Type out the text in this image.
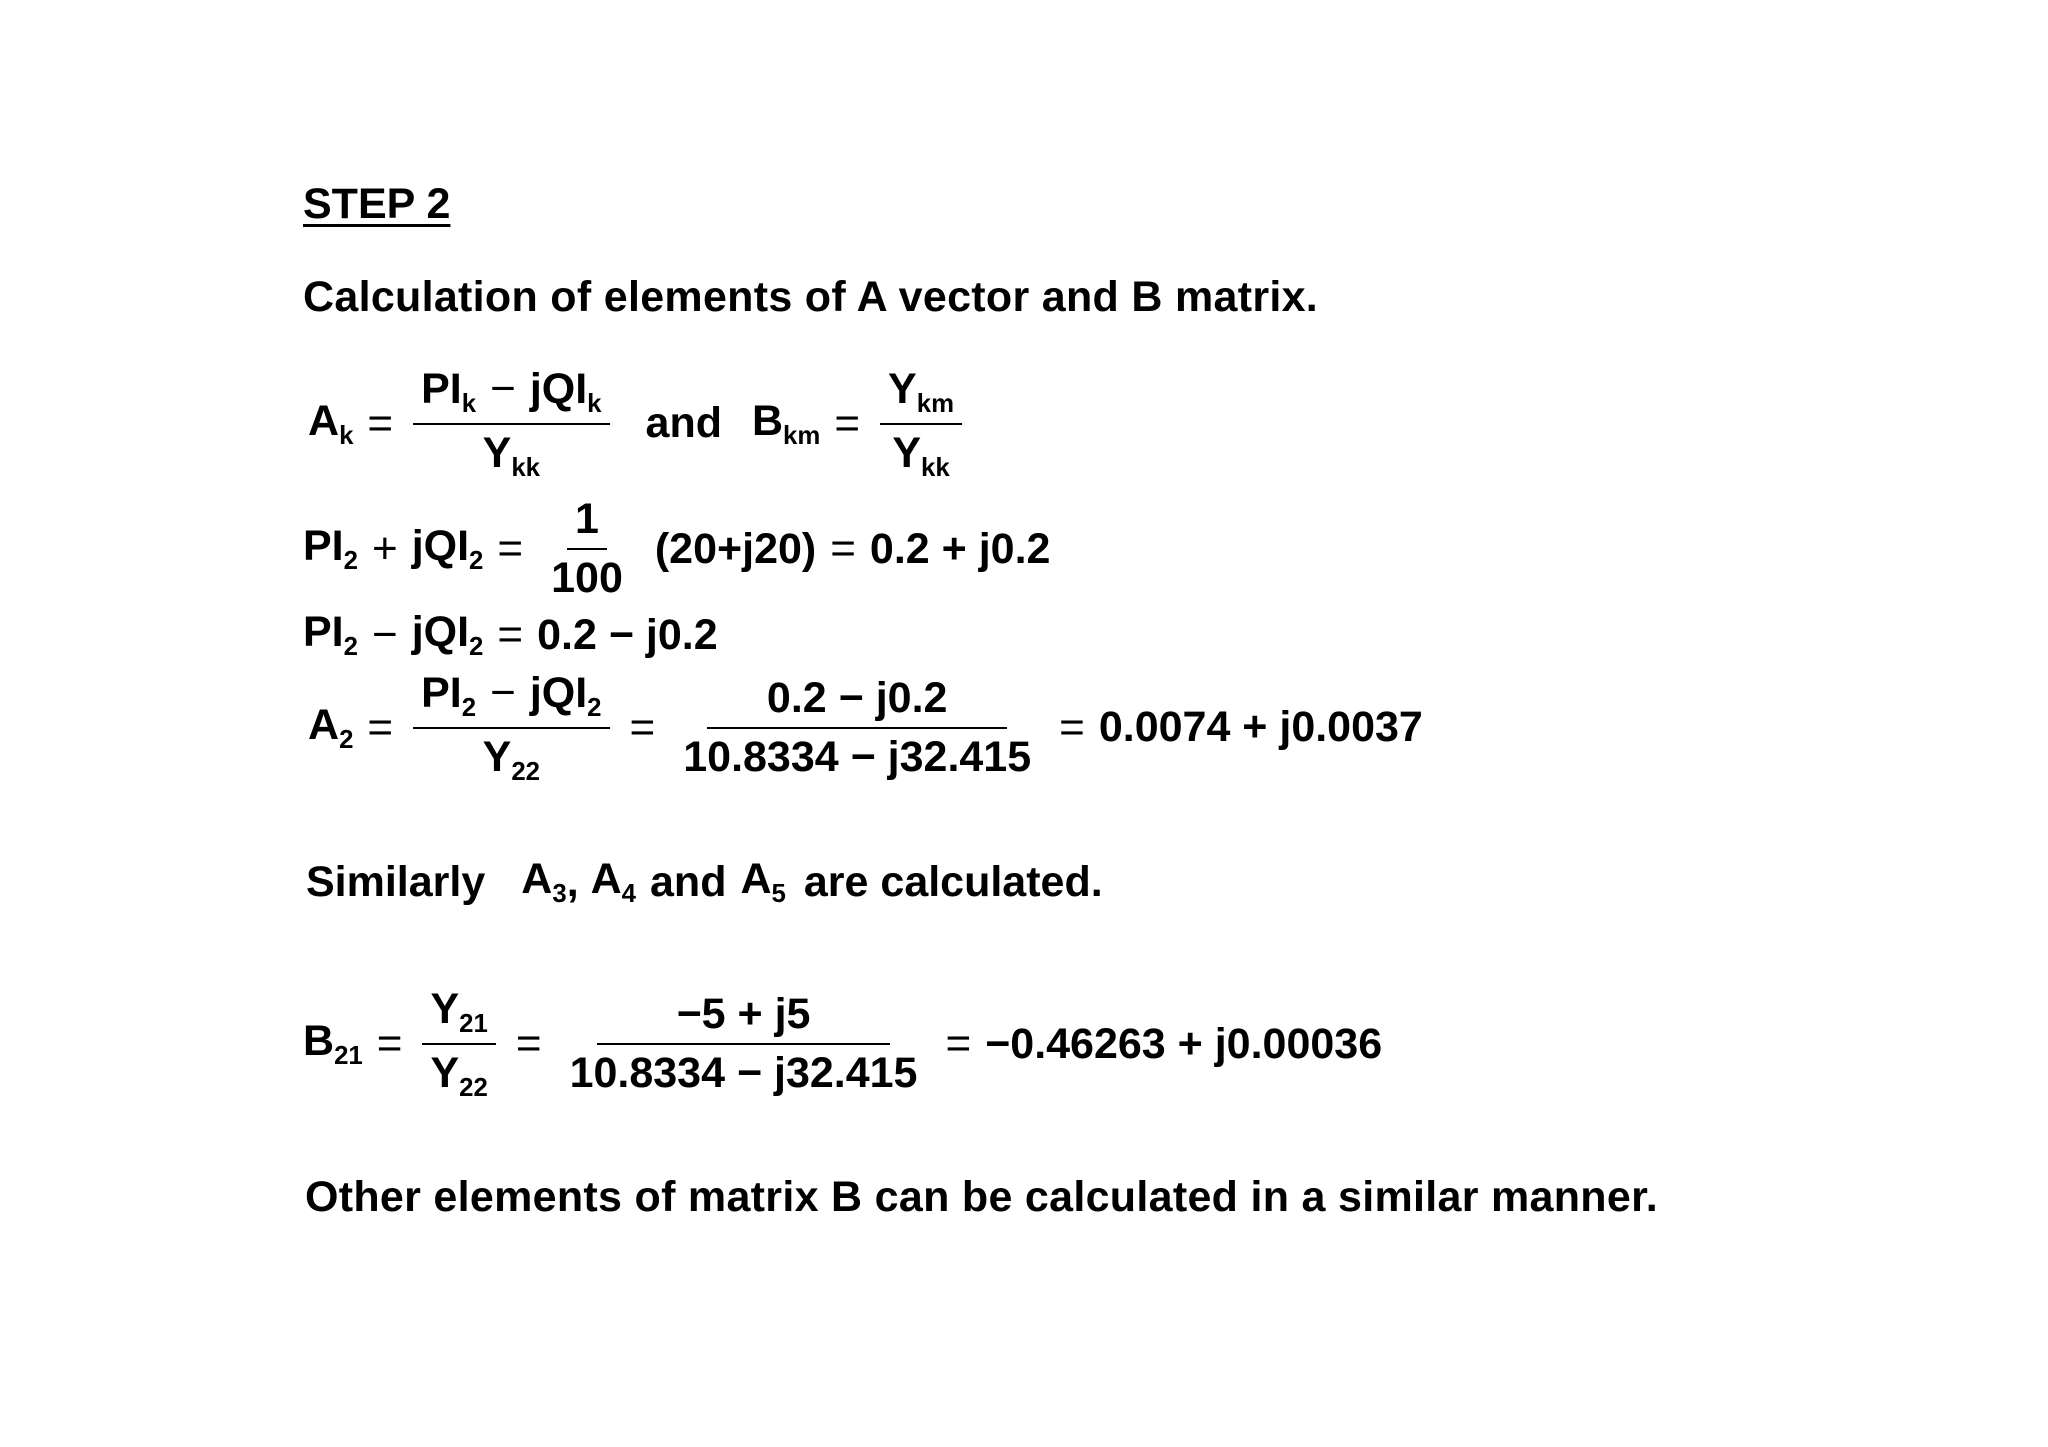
STEP 2
Calculation of elements of A vector and B matrix.
$A_k = \frac{PI_k - jQI_k}{Y_{kk}}$ and $B_{km} = \frac{Y_{km}}{Y_{kk}}$
$PI_2 + jQI_2 = \frac{1}{100} (20+j20) = 0.2 + j0.2$
$PI_2 - jQI_2 = 0.2 - j0.2$
$A_2 = \frac{PI_2 - jQI_2}{Y_{22}} = \frac{0.2 - j0.2}{10.8334 - j32.415} = 0.0074 + j0.0037$
Similarly $A_3$ , $A_4$ and $A_5$ are calculated.
$B_{21} = \frac{Y_{21}}{Y_{22}} = \frac{-5 + j5}{10.8334 - j32.415} = -0.46263 + j0.00036$
Other elements of matrix B can be calculated in a similar manner.
